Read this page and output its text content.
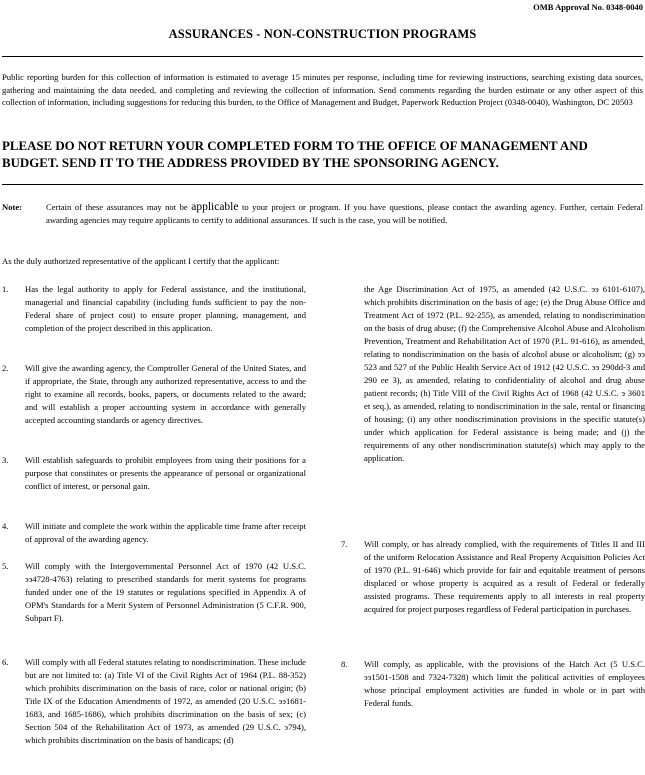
OMB Approval No. 0348-0040
ASSURANCES - NON-CONSTRUCTION PROGRAMS
Public reporting burden for this collection of information is estimated to average 15 minutes per response, including time for reviewing instructions, searching existing data sources, gathering and maintaining the data needed, and completing and reviewing the collection of information. Send comments regarding the burden estimate or any other aspect of this collection of information, including suggestions for reducing this burden, to the Office of Management and Budget, Paperwork Reduction Project (0348-0040), Washington, DC 20503
PLEASE DO NOT RETURN YOUR COMPLETED FORM TO THE OFFICE OF MANAGEMENT AND BUDGET. SEND IT TO THE ADDRESS PROVIDED BY THE SPONSORING AGENCY.
Note:	Certain of these assurances may not be applicable to your project or program. If you have questions, please contact the awarding agency. Further, certain Federal awarding agencies may require applicants to certify to additional assurances. If such is the case, you will be notified.
As the duly authorized representative of the applicant I certify that the applicant:
1. Has the legal authority to apply for Federal assistance, and the institutional, managerial and financial capability (including funds sufficient to pay the non-Federal share of project cost) to ensure proper planning, management, and completion of the project described in this application.
2. Will give the awarding agency, the Comptroller General of the United States, and if appropriate, the State, through any authorized representative, access to and the right to examine all records, books, papers, or documents related to the award; and will establish a proper accounting system in accordance with generally accepted accounting standards or agency directives.
3. Will establish safeguards to prohibit employees from using their positions for a purpose that constitutes or presents the appearance of personal or organizational conflict of interest, or personal gain.
4. Will initiate and complete the work within the applicable time frame after receipt of approval of the awarding agency.
5. Will comply with the Intergovernmental Personnel Act of 1970 (42 U.S.C. ээ4728-4763) relating to prescribed standards for merit systems for programs funded under one of the 19 statutes or regulations specified in Appendix A of OPM's Standards for a Merit System of Personnel Administration (5 C.F.R. 900, Subpart F).
6. Will comply with all Federal statutes relating to nondiscrimination. These include but are not limited to: (a) Title VI of the Civil Rights Act of 1964 (P.L. 88-352) which prohibits discrimination on the basis of race, color or national origin; (b) Title IX of the Education Amendments of 1972, as amended (20 U.S.C. ээ1681-1683, and 1685-1686), which prohibits discrimination on the basis of sex; (c) Section 504 of the Rehabilitation Act of 1973, as amended (29 U.S.C. э794), which prohibits discrimination on the basis of handicaps; (d)
the Age Discrimination Act of 1975, as amended (42 U.S.C. ээ 6101-6107), which prohibits discrimination on the basis of age; (e) the Drug Abuse Office and Treatment Act of 1972 (P.L. 92-255), as amended, relating to nondiscrimination on the basis of drug abuse; (f) the Comprehensive Alcohol Abuse and Alcoholism Prevention, Treatment and Rehabilitation Act of 1970 (P.L. 91-616), as amended, relating to nondiscrimination on the basis of alcohol abuse or alcoholism; (g) ээ 523 and 527 of the Public Health Service Act of 1912 (42 U.S.C. ээ 290dd-3 and 290 ee 3), as amended, relating to confidentiality of alcohol and drug abuse patient records; (h) Title VIII of the Civil Rights Act of 1968 (42 U.S.C. э 3601 et seq.), as amended, relating to nondiscrimination in the sale, rental or financing of housing; (i) any other nondiscrimination provisions in the specific statute(s) under which application for Federal assistance is being made; and (j) the requirements of any other nondiscrimination statute(s) which may apply to the application.
7. Will comply, or has already complied, with the requirements of Titles II and III of the uniform Relocation Assistance and Real Property Acquisition Policies Act of 1970 (P.L. 91-646) which provide for fair and equitable treatment of persons displaced or whose property is acquired as a result of Federal or federally assisted programs. These requirements apply to all interests in real property acquired for project purposes regardless of Federal participation in purchases.
8. Will comply, as applicable, with the provisions of the Hatch Act (5 U.S.C. ээ1501-1508 and 7324-7328) which limit the political activities of employees whose principal employment activities are funded in whole or in part with Federal funds.
